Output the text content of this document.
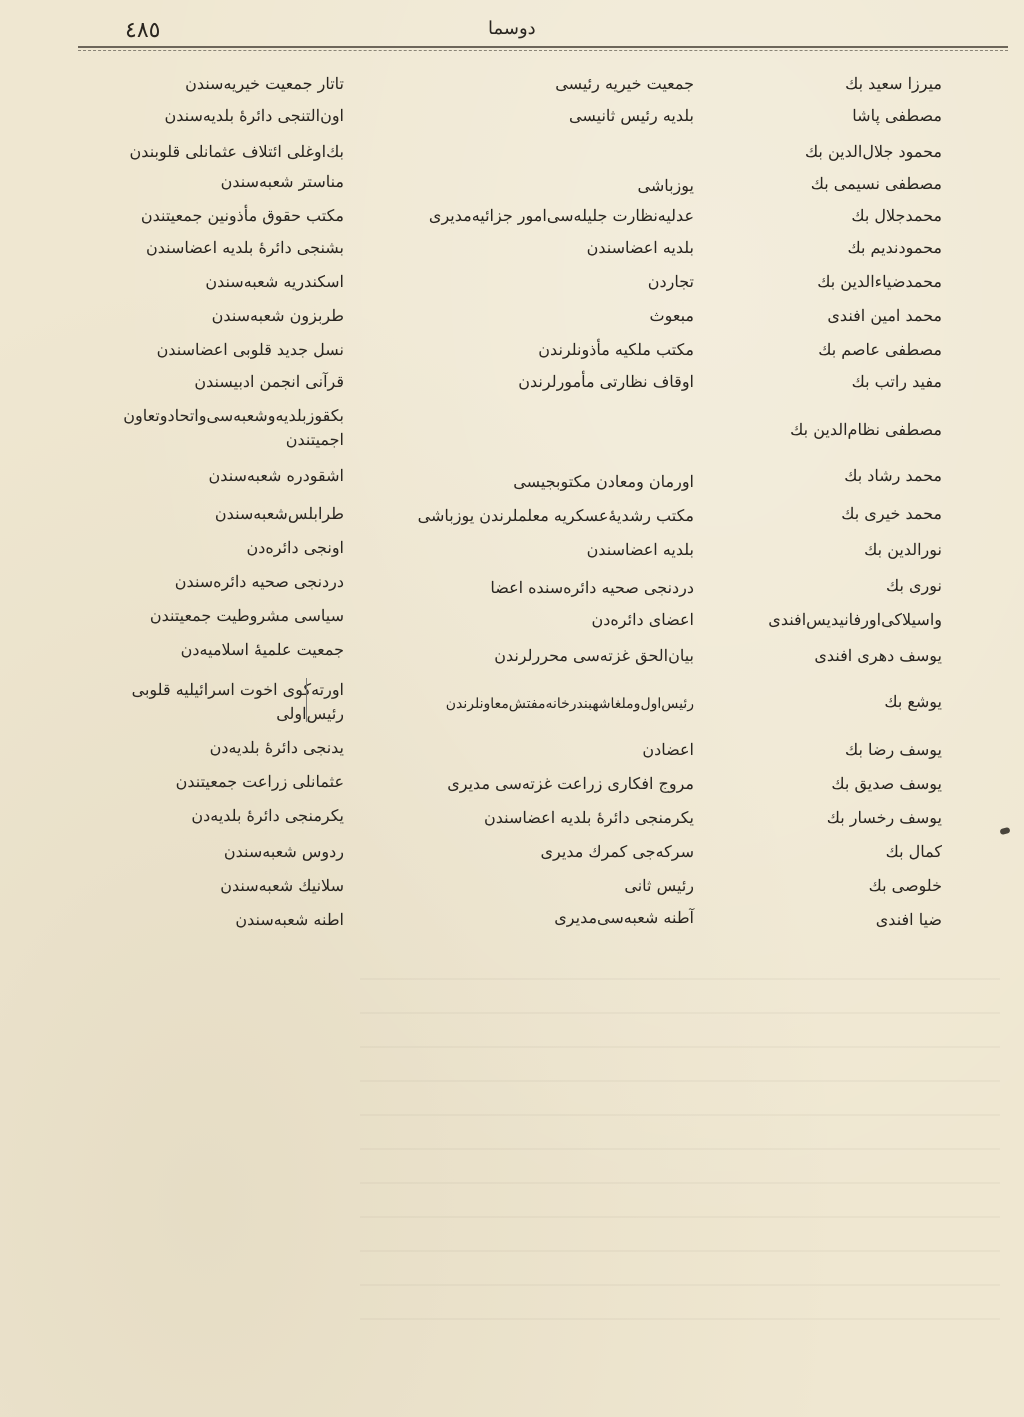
٤٨٥	دوسما
میرزا سعید بك
جمعیت خیریه رئیسی
تاتار جمعیت خیریه‌سندن
مصطفی پاشا
بلدیه رئیس ثانیسی
اون‌التنجی دائرهٔ بلدیه‌سندن
محمود جلال‌الدین بك
بك‌اوغلی ائتلاف عثمانلی قلوبندن
مصطفی نسیمی بك
یوزباشی
مناستر شعبه‌سندن
محمدجلال بك
عدلیه‌نظارت جلیله‌سی‌امور جزائیه‌مدیری
مکتب حقوق مأذونین جمعیتندن
محمودندیم بك
بلدیه اعضاسندن
بشنجی دائرهٔ بلدیه اعضاسندن
محمدضیاءالدین بك
تجاردن
اسکندریه شعبه‌سندن
محمد امین افندی
مبعوث
طربزون شعبه‌سندن
مصطفی عاصم بك
مکتب ملکیه مأذونلرندن
نسل جدید قلوبی اعضاسندن
مفید راتب بك
اوقاف نظارتی مأمورلرندن
قرآنی انجمن ادبیسندن
مصطفی نظام‌الدین بك
بکقوزبلدیه‌وشعبه‌سی‌واتحادوتعاون اجمیتندن
محمد رشاد بك
اورمان ومعادن مکتوبجیسی
اشقودره شعبه‌سندن
محمد خیری بك
مکتب رشدیهٔ‌عسکریه معلملرندن یوزباشی
طرابلس‌شعبه‌سندن
نورالدین بك
بلدیه اعضاسندن
اونجی دائره‌دن
نوری بك
دردنجی صحیه دائره‌سنده اعضا
دردنجی صحیه دائره‌سندن
واسیلاکی‌اورفانیدیس‌افندی
اعضای دائره‌دن
سیاسی مشروطیت جمعیتندن
یوسف دهری افندی
بیان‌الحق غزته‌سی محررلرندن
جمعیت علمیهٔ اسلامیه‌دن
یوشع بك
رئیس‌اول‌وملغاشهبندرخانه‌مفتش‌معاونلرندن
اورته‌کوی اخوت اسرائیلیه قلوبی رئیس‌اولی
یوسف رضا بك
اعضادن
یدنجی دائرهٔ بلدیه‌دن
یوسف صدیق بك
مروج افکاری زراعت غزته‌سی مدیری
عثمانلی زراعت جمعیتندن
یوسف رخسار بك
یکرمنجی دائرهٔ بلدیه اعضاسندن
یکرمنجی دائرهٔ بلدیه‌دن
کمال بك
سرکه‌جی کمرك مدیری
ردوس شعبه‌سندن
خلوصی بك
رئیس ثانی
سلانیك شعبه‌سندن
ضیا افندی
آطنه شعبه‌سی‌مدیری
اطنه شعبه‌سندن
